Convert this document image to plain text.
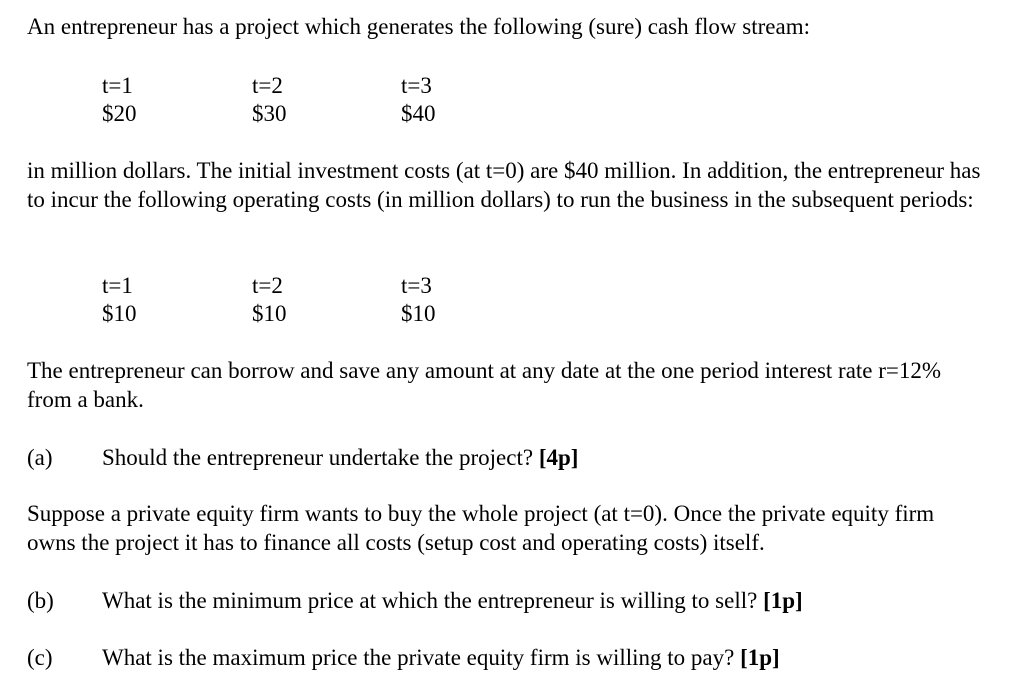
An entrepreneur has a project which generates the following (sure) cash flow stream:

t=1	t=2	t=3
$20	$30	$40

in million dollars. The initial investment costs (at t=0) are $40 million. In addition, the entrepreneur has to incur the following operating costs (in million dollars) to run the business in the subsequent periods:

t=1	t=2	t=3
$10	$10	$10

The entrepreneur can borrow and save any amount at any date at the one period interest rate r=12% from a bank.

(a) Should the entrepreneur undertake the project? [4p]

Suppose a private equity firm wants to buy the whole project (at t=0). Once the private equity firm owns the project it has to finance all costs (setup cost and operating costs) itself.

(b) What is the minimum price at which the entrepreneur is willing to sell? [1p]
(c) What is the maximum price the private equity firm is willing to pay? [1p]
